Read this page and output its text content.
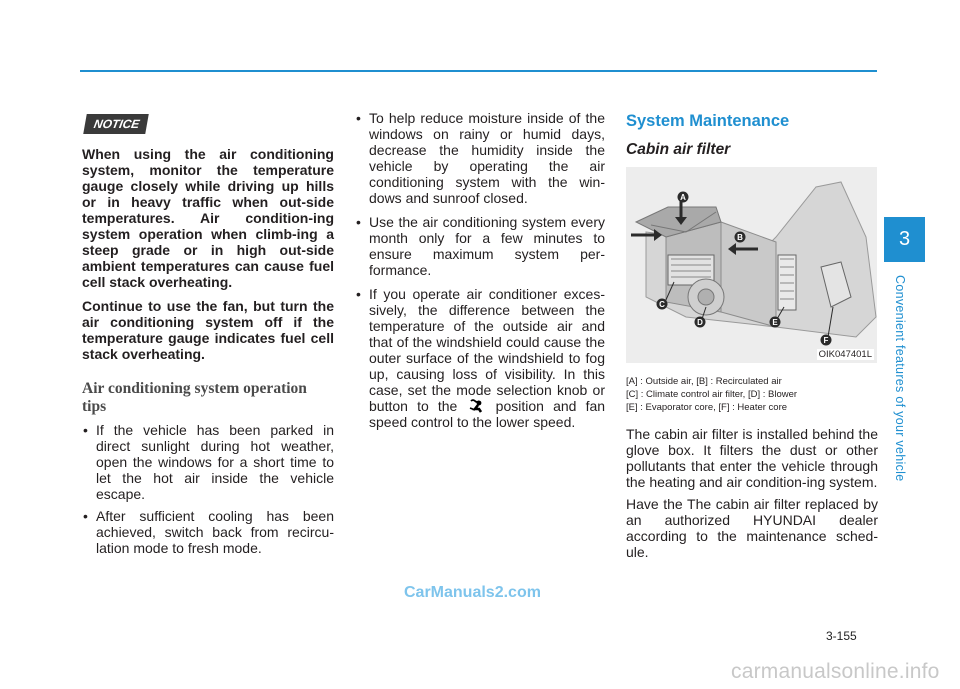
NOTICE

When using the air conditioning system, monitor the temperature gauge closely while driving up hills or in heavy traffic when out-side temperatures. Air condition-ing system operation when climb-ing a steep grade or in high out-side ambient temperatures can cause fuel cell stack overheating.

Continue to use the fan, but turn the air conditioning system off if the temperature gauge indicates fuel cell stack overheating.

Air conditioning system operation tips
• If the vehicle has been parked in direct sunlight during hot weather, open the windows for a short time to let the hot air inside the vehicle escape.
• After sufficient cooling has been achieved, switch back from recircu-lation mode to fresh mode.
• To help reduce moisture inside of the windows on rainy or humid days, decrease the humidity inside the vehicle by operating the air conditioning system with the win-dows and sunroof closed.
• Use the air conditioning system every month only for a few minutes to ensure maximum system per-formance.
• If you operate air conditioner exces-sively, the difference between the temperature of the outside air and that of the windshield could cause the outer surface of the windshield to fog up, causing loss of visibility. In this case, set the mode selection knob or button to the	position and fan speed control to the lower speed.
System Maintenance
Cabin air filter
A
B
C
D	E
F
OIK047401L
[A] : Outside air, [B] : Recirculated air
[C] : Climate control air filter, [D] : Blower
[E] : Evaporator core, [F] : Heater core

The cabin air filter is installed behind the glove box. It filters the dust or other pollutants that enter the vehicle through the heating and air condition-ing system.

Have the The cabin air filter replaced by an authorized HYUNDAI dealer according to the maintenance sched-ule.

3
Convenient features of your vehicle
3-155
CarManuals2.com
carmanualsonline.info
